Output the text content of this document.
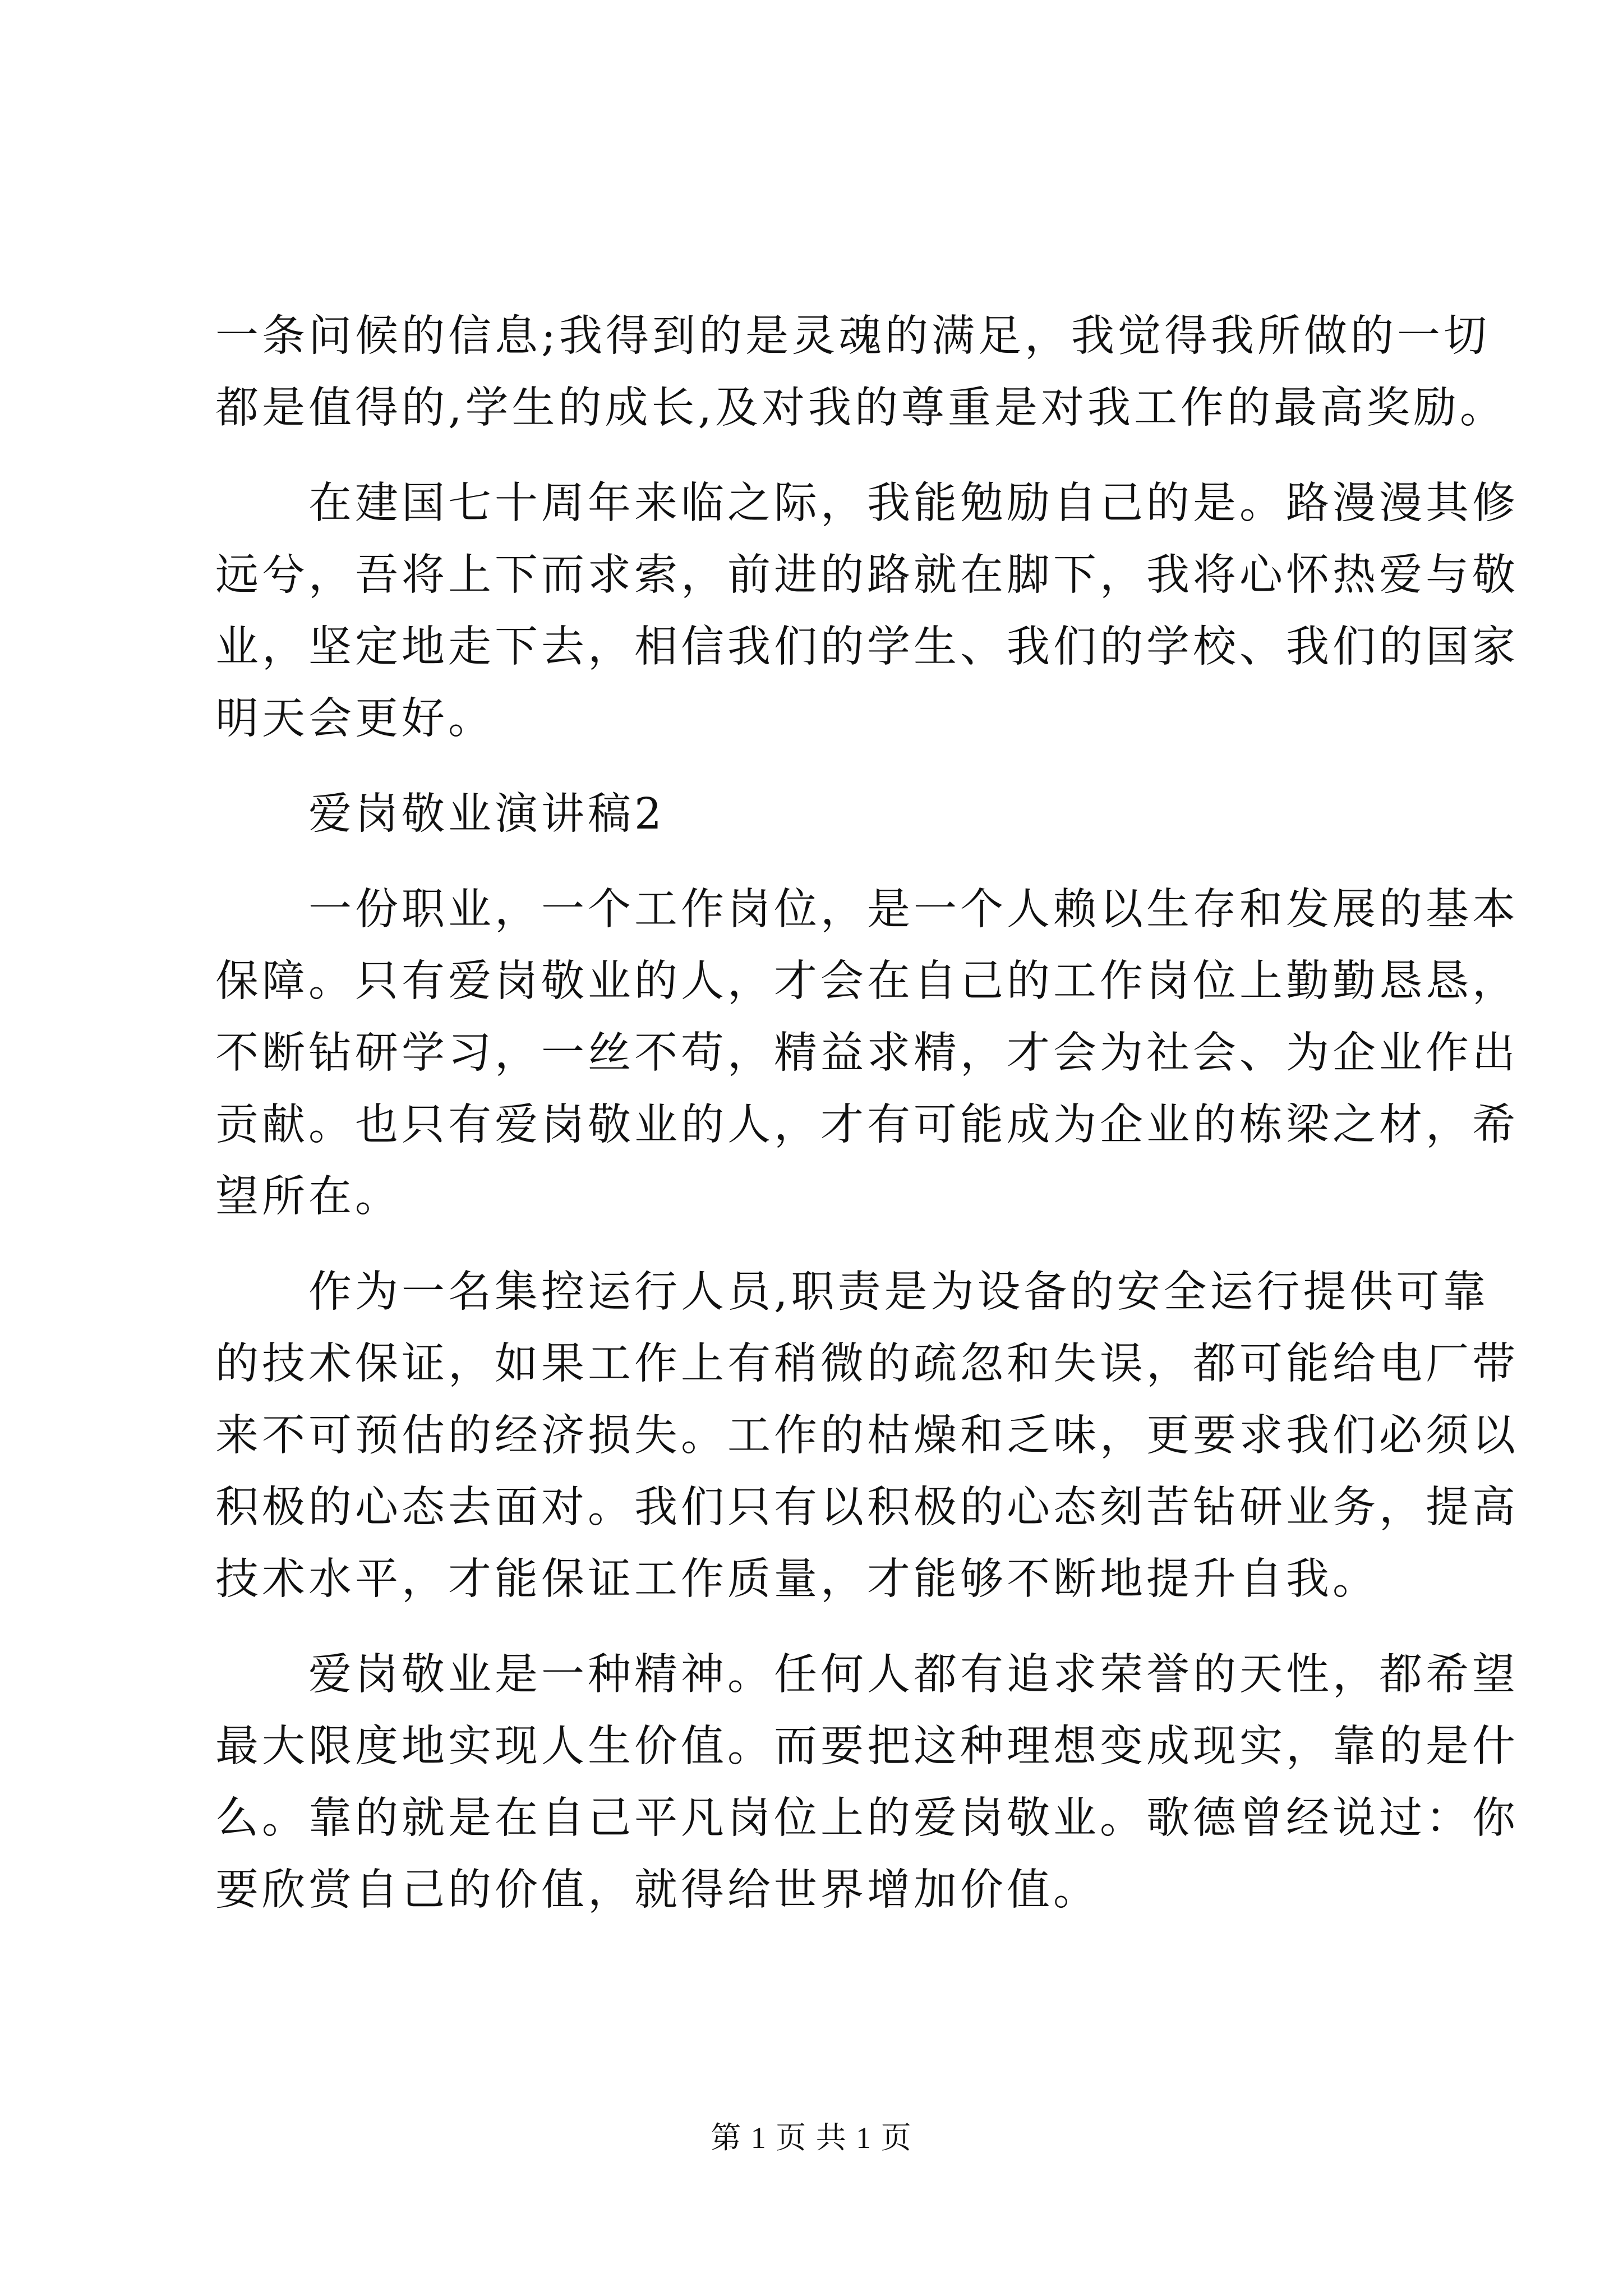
一条问候的信息;我得到的是灵魂的满足，我觉得我所做的一切
都是值得的,学生的成长,及对我的尊重是对我工作的最高奖励。
在建国七十周年来临之际，我能勉励自己的是。路漫漫其修
远兮，吾将上下而求索，前进的路就在脚下，我将心怀热爱与敬
业，坚定地走下去，相信我们的学生、我们的学校、我们的国家
明天会更好。
爱岗敬业演讲稿2
一份职业，一个工作岗位，是一个人赖以生存和发展的基本
保障。只有爱岗敬业的人，才会在自己的工作岗位上勤勤恳恳，
不断钻研学习，一丝不苟，精益求精，才会为社会、为企业作出
贡献。也只有爱岗敬业的人，才有可能成为企业的栋梁之材，希
望所在。
作为一名集控运行人员,职责是为设备的安全运行提供可靠
的技术保证，如果工作上有稍微的疏忽和失误，都可能给电厂带
来不可预估的经济损失。工作的枯燥和乏味，更要求我们必须以
积极的心态去面对。我们只有以积极的心态刻苦钻研业务，提高
技术水平，才能保证工作质量，才能够不断地提升自我。
爱岗敬业是一种精神。任何人都有追求荣誉的天性，都希望
最大限度地实现人生价值。而要把这种理想变成现实，靠的是什
么。靠的就是在自己平凡岗位上的爱岗敬业。歌德曾经说过：你
要欣赏自己的价值，就得给世界增加价值。
第 1 页 共 1 页
